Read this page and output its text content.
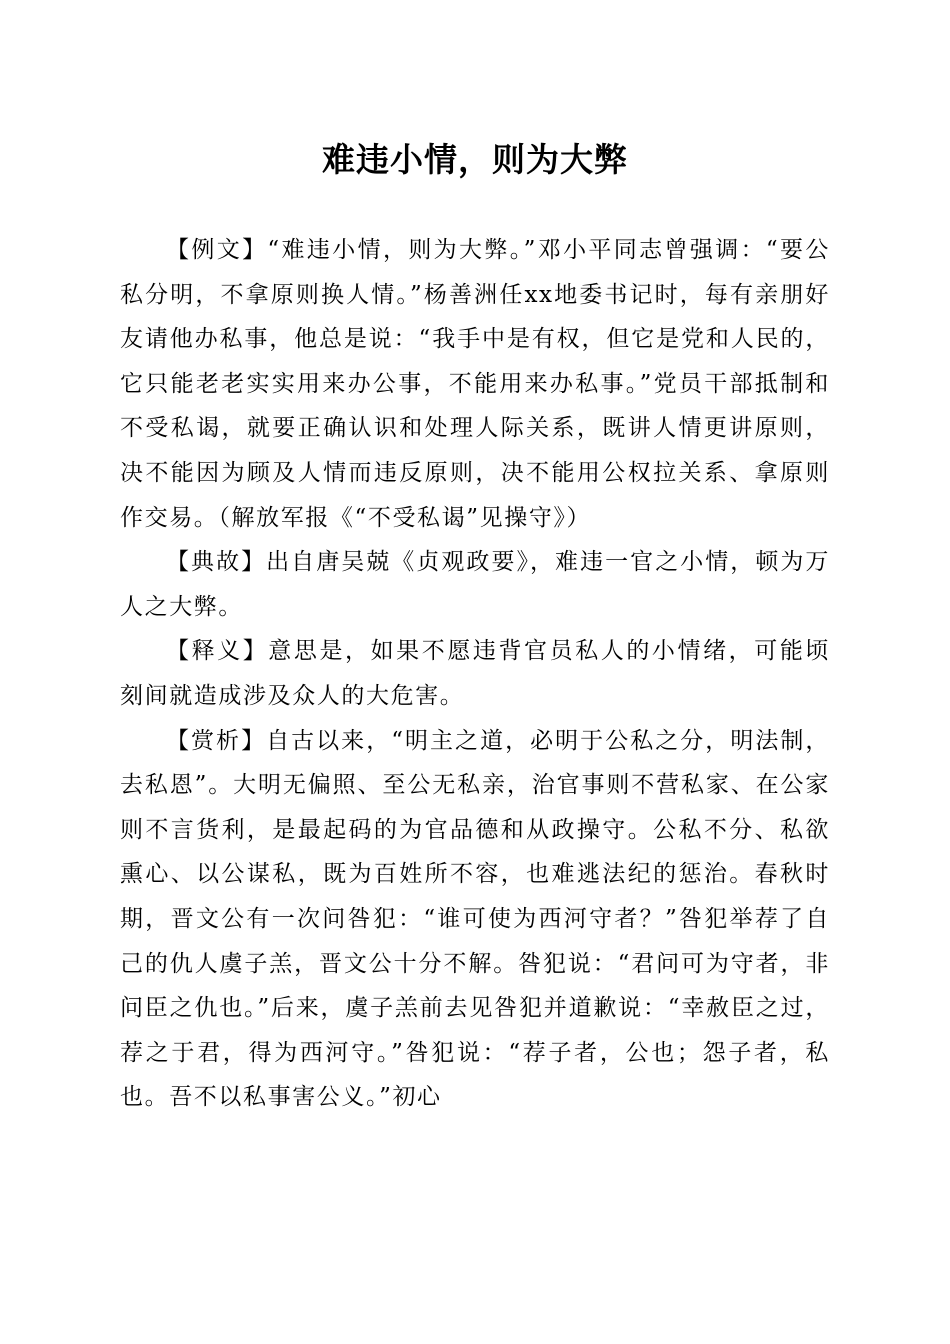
难违小情，则为大弊

【例文】“难违小情，则为大弊。”邓小平同志曾强调：“要公私分明，不拿原则换人情。”杨善洲任xx地委书记时，每有亲朋好友请他办私事，他总是说：“我手中是有权，但它是党和人民的，它只能老老实实用来办公事，不能用来办私事。”党员干部抵制和不受私谒，就要正确认识和处理人际关系，既讲人情更讲原则，决不能因为顾及人情而违反原则，决不能用公权拉关系、拿原则作交易。（解放军报《“不受私谒”见操守》）

【典故】出自唐吴兢《贞观政要》，难违一官之小情，顿为万人之大弊。

【释义】意思是，如果不愿违背官员私人的小情绪，可能顷刻间就造成涉及众人的大危害。

【赏析】自古以来，“明主之道，必明于公私之分，明法制，去私恩”。大明无偏照、至公无私亲，治官事则不营私家、在公家则不言货利，是最起码的为官品德和从政操守。公私不分、私欲熏心、以公谋私，既为百姓所不容，也难逃法纪的惩治。春秋时期，晋文公有一次问咎犯：“谁可使为西河守者？”咎犯举荐了自己的仇人虞子羔，晋文公十分不解。咎犯说：“君问可为守者，非问臣之仇也。”后来，虞子羔前去见咎犯并道歉说：“幸赦臣之过，荐之于君，得为西河守。”咎犯说：“荐子者，公也；怨子者，私也。吾不以私事害公义。”初心
